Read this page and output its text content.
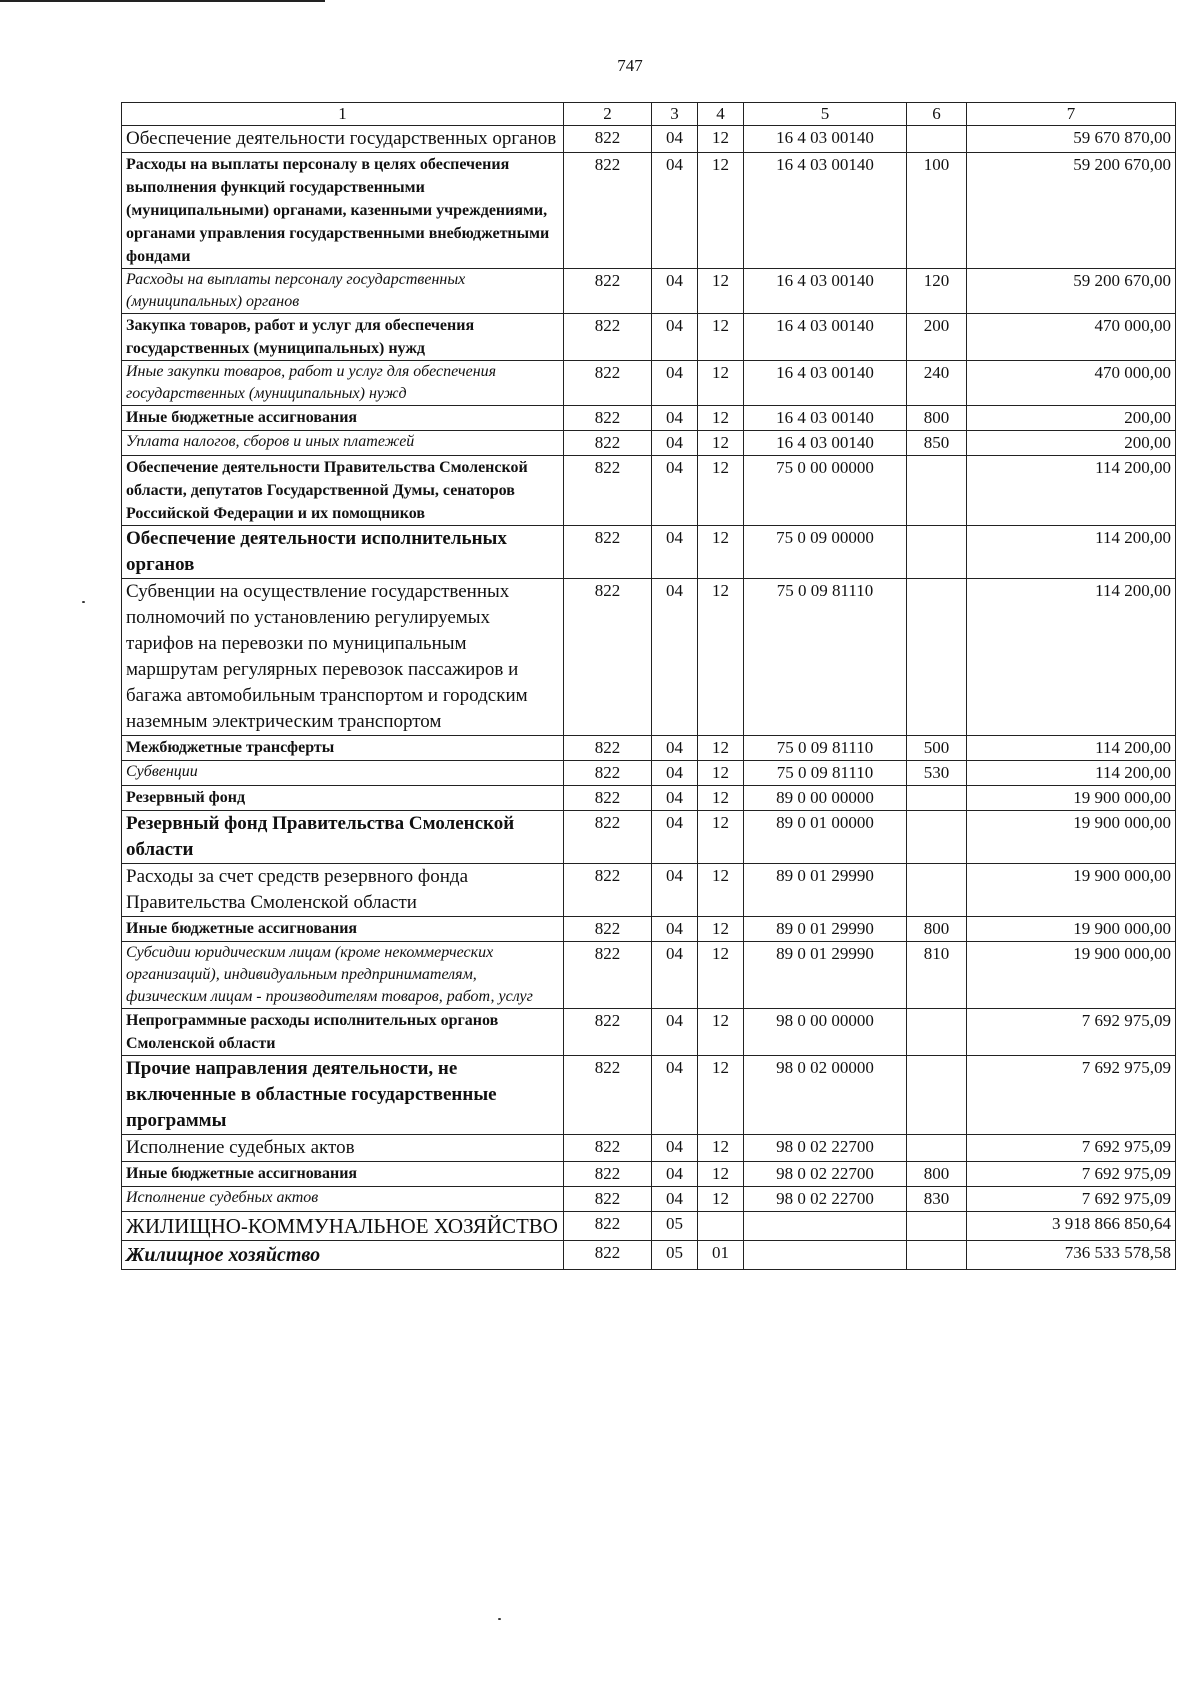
747
1	2	3	4	5	6	7
Обеспечение деятельности государственных органов	822	04	12	16 4 03 00140		59 670 870,00
Расходы на выплаты персоналу в целях обеспечения выполнения функций государственными (муниципальными) органами, казенными учреждениями, органами управления государственными внебюджетными фондами	822	04	12	16 4 03 00140	100	59 200 670,00
Расходы на выплаты персоналу государственных (муниципальных) органов	822	04	12	16 4 03 00140	120	59 200 670,00
Закупка товаров, работ и услуг для обеспечения государственных (муниципальных) нужд	822	04	12	16 4 03 00140	200	470 000,00
Иные закупки товаров, работ и услуг для обеспечения государственных (муниципальных) нужд	822	04	12	16 4 03 00140	240	470 000,00
Иные бюджетные ассигнования	822	04	12	16 4 03 00140	800	200,00
Уплата налогов, сборов и иных платежей	822	04	12	16 4 03 00140	850	200,00
Обеспечение деятельности Правительства Смоленской области, депутатов Государственной Думы, сенаторов Российской Федерации и их помощников	822	04	12	75 0 00 00000		114 200,00
Обеспечение деятельности исполнительных органов	822	04	12	75 0 09 00000		114 200,00
Субвенции на осуществление государственных полномочий по установлению регулируемых тарифов на перевозки по муниципальным маршрутам регулярных перевозок пассажиров и багажа автомобильным транспортом и городским наземным электрическим транспортом	822	04	12	75 0 09 81110		114 200,00
Межбюджетные трансферты	822	04	12	75 0 09 81110	500	114 200,00
Субвенции	822	04	12	75 0 09 81110	530	114 200,00
Резервный фонд	822	04	12	89 0 00 00000		19 900 000,00
Резервный фонд Правительства Смоленской области	822	04	12	89 0 01 00000		19 900 000,00
Расходы за счет средств резервного фонда Правительства Смоленской области	822	04	12	89 0 01 29990		19 900 000,00
Иные бюджетные ассигнования	822	04	12	89 0 01 29990	800	19 900 000,00
Субсидии юридическим лицам (кроме некоммерческих организаций), индивидуальным предпринимателям, физическим лицам - производителям товаров, работ, услуг	822	04	12	89 0 01 29990	810	19 900 000,00
Непрограммные расходы исполнительных органов Смоленской области	822	04	12	98 0 00 00000		7 692 975,09
Прочие направления деятельности, не включенные в областные государственные программы	822	04	12	98 0 02 00000		7 692 975,09
Исполнение судебных актов	822	04	12	98 0 02 22700		7 692 975,09
Иные бюджетные ассигнования	822	04	12	98 0 02 22700	800	7 692 975,09
Исполнение судебных актов	822	04	12	98 0 02 22700	830	7 692 975,09
ЖИЛИЩНО-КОММУНАЛЬНОЕ ХОЗЯЙСТВО	822	05				3 918 866 850,64
Жилищное хозяйство	822	05	01			736 533 578,58
